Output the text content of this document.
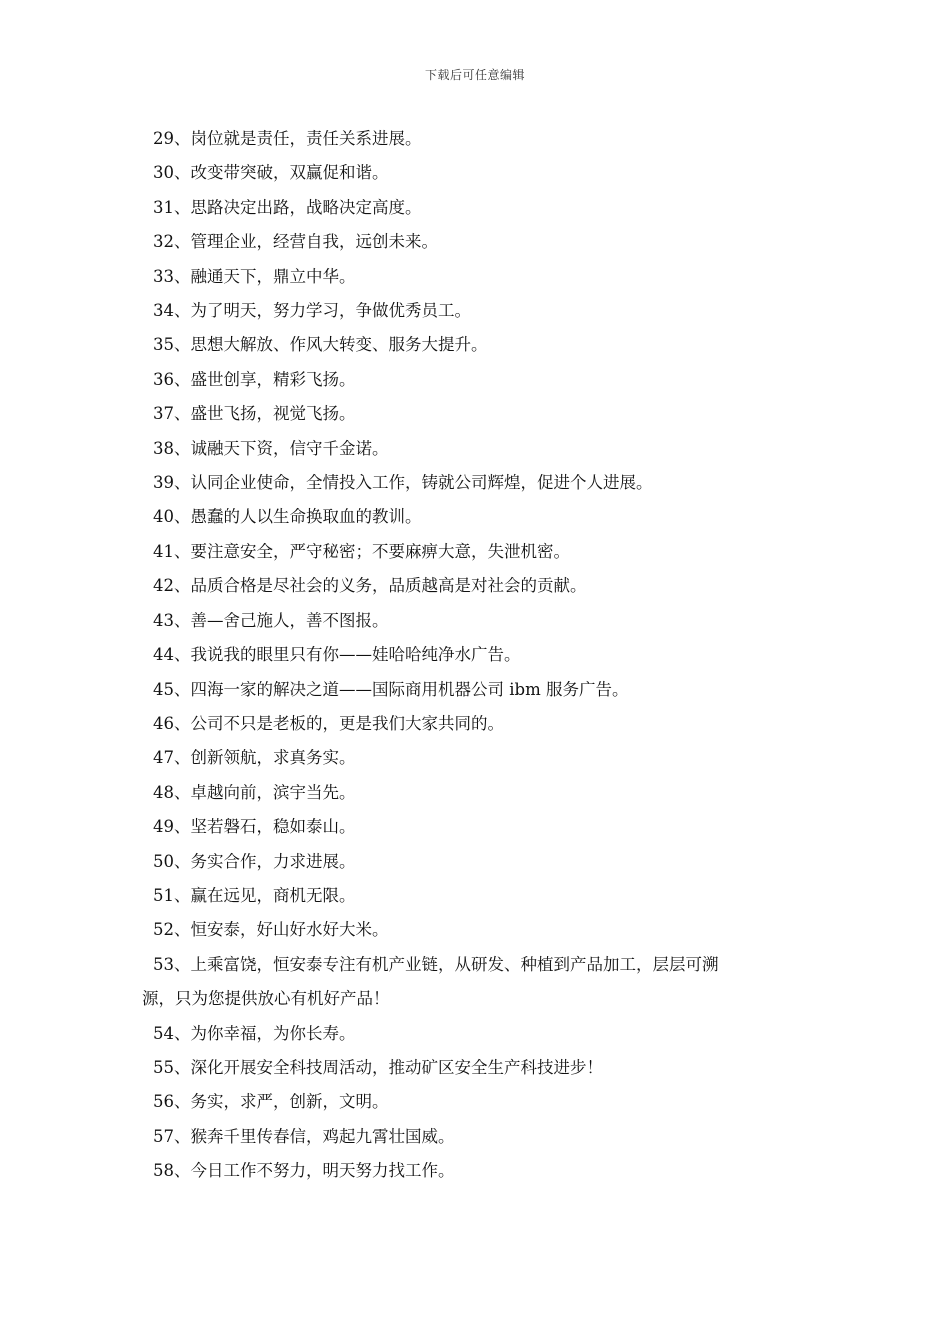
下载后可任意编辑
29、岗位就是责任，责任关系进展。
30、改变带突破，双赢促和谐。
31、思路决定出路，战略决定高度。
32、管理企业，经营自我，远创未来。
33、融通天下，鼎立中华。
34、为了明天，努力学习，争做优秀员工。
35、思想大解放、作风大转变、服务大提升。
36、盛世创享，精彩飞扬。
37、盛世飞扬，视觉飞扬。
38、诚融天下资，信守千金诺。
39、认同企业使命，全情投入工作，铸就公司辉煌，促进个人进展。
40、愚蠢的人以生命换取血的教训。
41、要注意安全，严守秘密；不要麻痹大意，失泄机密。
42、品质合格是尽社会的义务，品质越高是对社会的贡献。
43、善—舍己施人，善不图报。
44、我说我的眼里只有你——娃哈哈纯净水广告。
45、四海一家的解决之道——国际商用机器公司 ibm 服务广告。
46、公司不只是老板的，更是我们大家共同的。
47、创新领航，求真务实。
48、卓越向前，滨宇当先。
49、坚若磐石，稳如泰山。
50、务实合作，力求进展。
51、赢在远见，商机无限。
52、恒安泰，好山好水好大米。
53、上乘富饶，恒安泰专注有机产业链，从研发、种植到产品加工，层层可溯
源，只为您提供放心有机好产品！
54、为你幸福，为你长寿。
55、深化开展安全科技周活动，推动矿区安全生产科技进步！
56、务实，求严，创新，文明。
57、猴奔千里传春信，鸡起九霄壮国威。
58、今日工作不努力，明天努力找工作。
